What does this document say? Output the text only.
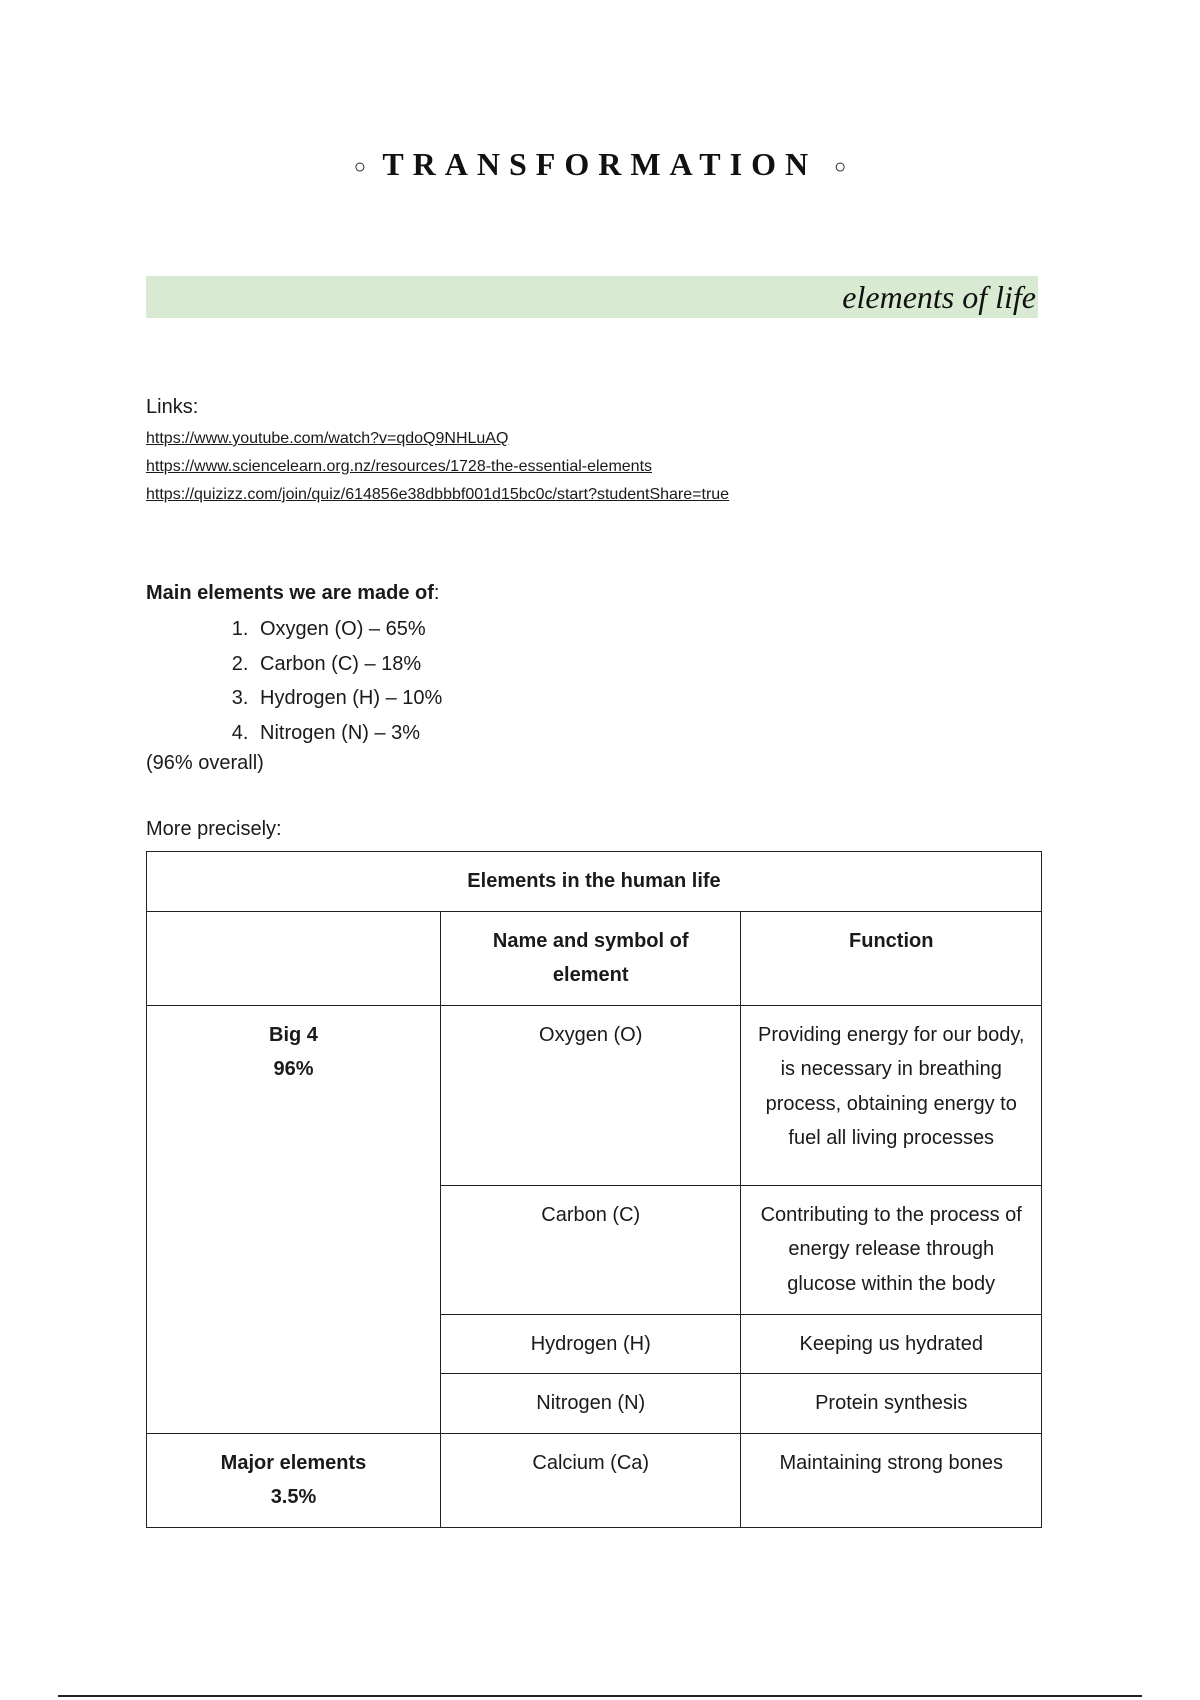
○ TRANSFORMATION ○
elements of life
Links:
https://www.youtube.com/watch?v=qdoQ9NHLuAQ
https://www.sciencelearn.org.nz/resources/1728-the-essential-elements
https://quizizz.com/join/quiz/614856e38dbbbf001d15bc0c/start?studentShare=true
Main elements we are made of:
1. Oxygen (O) – 65%
2. Carbon (C) – 18%
3. Hydrogen (H) – 10%
4. Nitrogen (N) – 3%
(96% overall)
More precisely:
Elements in the human life		
	Name and symbol of element	Function

Big 4
96%	Oxygen (O)	Providing energy for our body, is necessary in breathing process, obtaining energy to fuel all living processes
	Carbon (C)	Contributing to the process of energy release through glucose within the body
	Hydrogen (H)	Keeping us hydrated
	Nitrogen (N)	Protein synthesis

Major elements
3.5%	Calcium (Ca)	Maintaining strong bones
